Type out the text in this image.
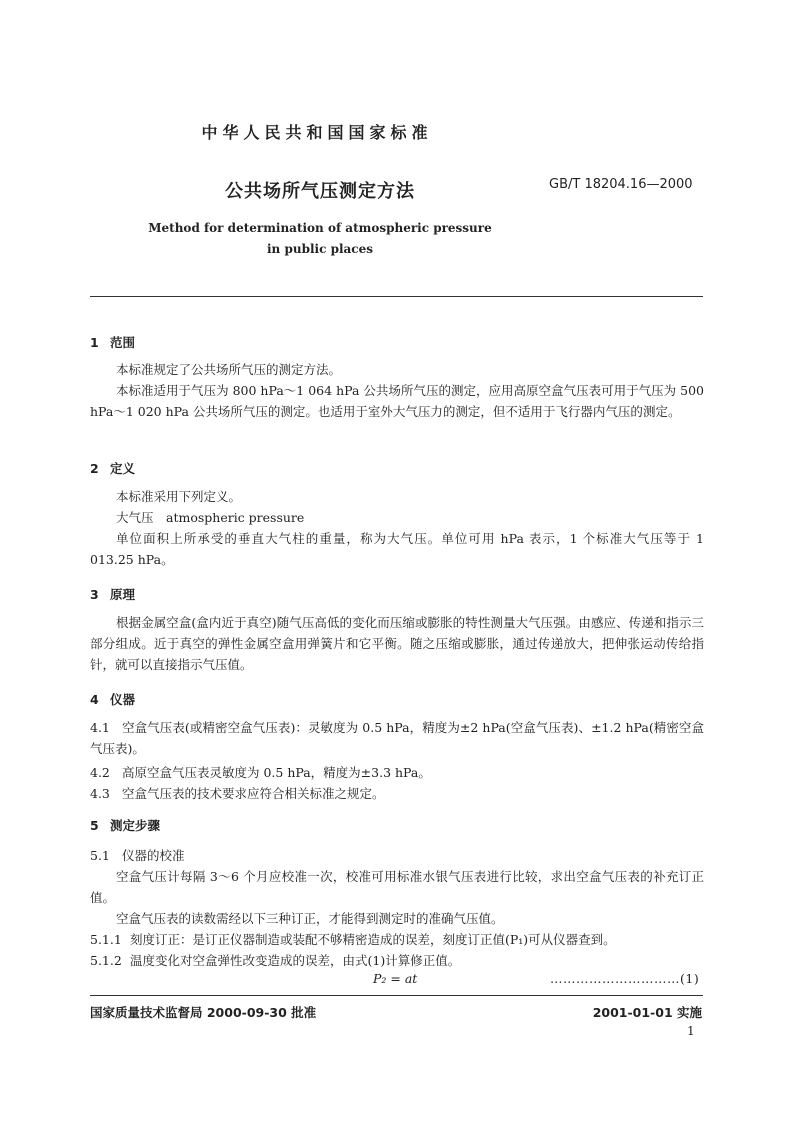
中华人民共和国国家标准
公共场所气压测定方法	GB/T 18204.16—2000
Method for determination of atmospheric pressure
in public places
1 范围
本标准规定了公共场所气压的测定方法。
本标准适用于气压为 800 hPa～1 064 hPa 公共场所气压的测定，应用高原空盒气压表可用于气压为 500 hPa～1 020 hPa 公共场所气压的测定。也适用于室外大气压力的测定，但不适用于飞行器内气压的测定。
2 定义
本标准采用下列定义。
大气压　atmospheric pressure
单位面积上所承受的垂直大气柱的重量，称为大气压。单位可用 hPa 表示，1 个标准大气压等于 1 013.25 hPa。
3 原理
根据金属空盒(盒内近于真空)随气压高低的变化而压缩或膨胀的特性测量大气压强。由感应、传递和指示三部分组成。近于真空的弹性金属空盒用弹簧片和它平衡。随之压缩或膨胀，通过传递放大，把伸张运动传给指针，就可以直接指示气压值。
4 仪器
4.1 空盒气压表(或精密空盒气压表)：灵敏度为 0.5 hPa，精度为±2 hPa(空盒气压表)、±1.2 hPa(精密空盒气压表)。
4.2 高原空盒气压表灵敏度为 0.5 hPa，精度为±3.3 hPa。
4.3 空盒气压表的技术要求应符合相关标准之规定。
5 测定步骤
5.1 仪器的校准
空盒气压计每隔 3～6 个月应校准一次，校准可用标准水银气压表进行比较，求出空盒气压表的补充订正值。
空盒气压表的读数需经以下三种订正，才能得到测定时的准确气压值。
5.1.1 刻度订正：是订正仪器制造或装配不够精密造成的误差，刻度订正值(P₁)可从仪器查到。
5.1.2 温度变化对空盒弹性改变造成的误差，由式(1)计算修正值。
P₂ = at	…………………………(1)
国家质量技术监督局 2000-09-30 批准	2001-01-01 实施
1
